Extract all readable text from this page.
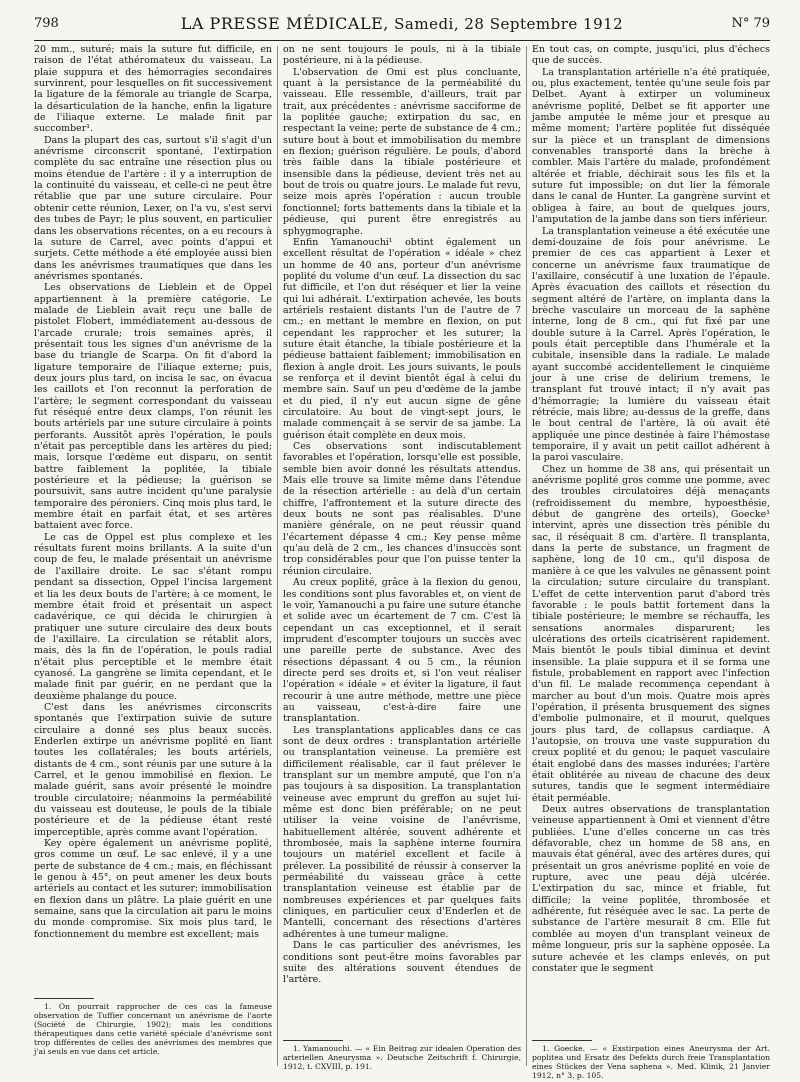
798	LA PRESSE MÉDICALE, Samedi, 28 Septembre 1912	N° 79

20 mm., suturé; mais la suture fut difficile, en raison de l'état athéromateux du vaisseau. La plaie suppura et des hémorragies secondaires survinrent, pour lesquelles on fit successivement la ligature de la fémorale au triangle de Scarpa, la désarticulation de la hanche, enfin la ligature de l'iliaque externe. Le malade finit par succomber¹.

Dans la plupart des cas, surtout s'il s'agit d'un anévrisme circonscrit spontané, l'extirpation complète du sac entraîne une résection plus ou moins étendue de l'artère : il y a interruption de la continuité du vaisseau, et celle-ci ne peut être rétablie que par une suture circulaire. Pour obtenir cette réunion, Lexer, on l'a vu, s'est servi des tubes de Payr; le plus souvent, en particulier dans les observations récentes, on a eu recours à la suture de Carrel, avec points d'appui et surjets. Cette méthode a été employée aussi bien dans les anévrismes traumatiques que dans les anévrismes spontanés.

Les observations de Lieblein et de Oppel appartiennent à la première catégorie. Le malade de Lieblein avait reçu une balle de pistolet Flobert, immédiatement au-dessous de l'arcade crurale; trois semaines après, il présentait tous les signes d'un anévrisme de la base du triangle de Scarpa. On fit d'abord la ligature temporaire de l'iliaque externe; puis, deux jours plus tard, on incisa le sac, on évacua les caillots et l'on reconnut la perforation de l'artère; le segment correspondant du vaisseau fut réséqué entre deux clamps, l'on réunit les bouts artériels par une suture circulaire à points perforants. Aussitôt après l'opération, le pouls n'était pas perceptible dans les artères du pied; mais, lorsque l'œdème eut disparu, on sentit battre faiblement la poplitée, la tibiale postérieure et la pédieuse; la guérison se poursuivit, sans autre incident qu'une paralysie temporaire des péroniers. Cinq mois plus tard, le membre était en parfait état, et ses artères battaient avec force.

Le cas de Oppel est plus complexe et les résultats furent moins brillants. A la suite d'un coup de feu, le malade présentait un anévrisme de l'axillaire droite. Le sac s'étant rompu pendant sa dissection, Oppel l'incisa largement et lia les deux bouts de l'artère; à ce moment, le membre était froid et présentait un aspect cadavérique, ce qui décida le chirurgien à pratiquer une suture circulaire des deux bouts de l'axillaire. La circulation se rétablit alors, mais, dès la fin de l'opération, le pouls radial n'était plus perceptible et le membre était cyanosé. La gangrène se limita cependant, et le malade finit par guérir, en ne perdant que la deuxième phalange du pouce.

C'est dans les anévrismes circonscrits spontanés que l'extirpation suivie de suture circulaire a donné ses plus beaux succès. Enderlen extirpe un anévrisme poplité en liant toutes les collatérales; les bouts artériels, distants de 4 cm., sont réunis par une suture à la Carrel, et le genou immobilisé en flexion. Le malade guérit, sans avoir présenté le moindre trouble circulatoire; néanmoins la perméabilité du vaisseau est douteuse, le pouls de la tibiale postérieure et de la pédieuse étant resté imperceptible, après comme avant l'opération.

Key opère également un anévrisme poplité, gros comme un œuf. Le sac enlevé, il y a une perte de substance de 4 cm.; mais, en fléchissant le genou à 45°, on peut amener les deux bouts artériels au contact et les suturer; immobilisation en flexion dans un plâtre. La plaie guérit en une semaine, sans que la circulation ait paru le moins du monde compromise. Six mois plus tard, le fonctionnement du membre est excellent; mais

1. On pourrait rapprocher de ces cas la fameuse observation de Tuffier concernant un anévrisme de l'aorte (Société de Chirurgie, 1902); mais les conditions thérapeutiques dans cette variété spéciale d'anévrisme sont trop différentes de celles des anévrismes des membres que j'ai seuls en vue dans cet article.

on ne sent toujours le pouls, ni à la tibiale postérieure, ni à la pédieuse.

L'observation de Omi est plus concluante, quant à la persistance de la perméabilité du vaisseau. Elle ressemble, d'ailleurs, trait par trait, aux précédentes : anévrisme sacciforme de la poplitée gauche; extirpation du sac, en respectant la veine; perte de substance de 4 cm.; suture bout à bout et immobilisation du membre en flexion; guérison régulière. Le pouls, d'abord très faible dans la tibiale postérieure et insensible dans la pédieuse, devient très net au bout de trois ou quatre jours. Le malade fut revu, seize mois après l'opération : aucun trouble fonctionnel; forts battements dans la tibiale et la pédieuse, qui purent être enregistrés au sphygmographe.

Enfin Yamanouchi¹ obtint également un excellent résultat de l'opération « idéale » chez un homme de 40 ans, porteur d'un anévrisme poplité du volume d'un œuf. La dissection du sac fut difficile, et l'on dut réséquer et lier la veine qui lui adhérait. L'extirpation achevée, les bouts artériels restaient distants l'un de l'autre de 7 cm.; en mettant le membre en flexion, on put cependant les rapprocher et les suturer; la suture était étanche, la tibiale postérieure et la pédieuse battaient faiblement; immobilisation en flexion à angle droit. Les jours suivants, le pouls se renforça et il devint bientôt égal à celui du membre sain. Sauf un peu d'œdème de la jambe et du pied, il n'y eut aucun signe de gêne circulatoire. Au bout de vingt-sept jours, le malade commençait à se servir de sa jambe. La guérison était complète en deux mois.

Ces observations sont indiscutablement favorables et l'opération, lorsqu'elle est possible, semble bien avoir donné les résultats attendus. Mais elle trouve sa limite même dans l'étendue de la résection artérielle : au delà d'un certain chiffre, l'affrontement et la suture directe des deux bouts ne sont pas réalisables. D'une manière générale, on ne peut réussir quand l'écartement dépasse 4 cm.; Key pense même qu'au delà de 2 cm., les chances d'insuccès sont trop considérables pour que l'on puisse tenter la réunion circulaire.

Au creux poplité, grâce à la flexion du genou, les conditions sont plus favorables et, on vient de le voir, Yamanouchi a pu faire une suture étanche et solide avec un écartement de 7 cm. C'est là cependant un cas exceptionnel, et il serait imprudent d'escompter toujours un succès avec une pareille perte de substance. Avec des résections dépassant 4 ou 5 cm., la réunion directe perd ses droits et, si l'on veut réaliser l'opération « idéale » et éviter la ligature, il faut recourir à une autre méthode, mettre une pièce au vaisseau, c'est-à-dire faire une transplantation.

Les transplantations applicables dans ce cas sont de deux ordres : transplantation artérielle ou transplantation veineuse. La première est difficilement réalisable, car il faut prélever le transplant sur un membre amputé, que l'on n'a pas toujours à sa disposition. La transplantation veineuse avec emprunt du greffon au sujet lui-même est donc bien préférable; on ne peut utiliser la veine voisine de l'anévrisme, habituellement altérée, souvent adhérente et thrombosée, mais la saphène interne fournira toujours un matériel excellent et facile à prélever. La possibilité de réussir à conserver la perméabilité du vaisseau grâce à cette transplantation veineuse est établie par de nombreuses expériences et par quelques faits cliniques, en particulier ceux d'Enderlen et de Mantelli, concernant des résections d'artères adhérentes à une tumeur maligne.

Dans le cas particulier des anévrismes, les conditions sont peut-être moins favorables par suite des altérations souvent étendues de l'artère.

1. Yamanouchi. — « Ein Beitrag zur idealen Operation des arteriellen Aneurysma ». Deutsche Zeitschrift f. Chirurgie, 1912, t. CXVIII, p. 191.

En tout cas, on compte, jusqu'ici, plus d'échecs que de succès.

La transplantation artérielle n'a été pratiquée, ou, plus exactement, tentée qu'une seule fois par Delbet. Ayant à extirper un volumineux anévrisme poplité, Delbet se fit apporter une jambe amputée le même jour et presque au même moment; l'artère poplitée fut disséquée sur la pièce et un transplant de dimensions convenables transporté dans la brèche à combler. Mais l'artère du malade, profondément altérée et friable, déchirait sous les fils et la suture fut impossible; on dut lier la fémorale dans le canal de Hunter. La gangrène survint et obligea à faire, au bout de quelques jours, l'amputation de la jambe dans son tiers inférieur.

La transplantation veineuse a été exécutée une demi-douzaine de fois pour anévrisme. Le premier de ces cas appartient à Lexer et concerne un anévrisme faux traumatique de l'axillaire, consécutif à une luxation de l'épaule. Après évacuation des caillots et résection du segment altéré de l'artère, on implanta dans la brèche vasculaire un morceau de la saphène interne, long de 8 cm., qui fut fixé par une double suture à la Carrel. Après l'opération, le pouls était perceptible dans l'humérale et la cubitale, insensible dans la radiale. Le malade ayant succombé accidentellement le cinquième jour à une crise de delirium tremens, le transplant fut trouvé intact; il n'y avait pas d'hémorragie; la lumière du vaisseau était rétrécie, mais libre; au-dessus de la greffe, dans le bout central de l'artère, là où avait été appliquée une pince destinée à faire l'hémostase temporaire, il y avait un petit caillot adhérent à la paroi vasculaire.

Chez un homme de 38 ans, qui présentait un anévrisme poplité gros comme une pomme, avec des troubles circulatoires déjà menaçants (refroidissement du membre, hypoesthésie, début de gangrène des orteils), Goecke¹ intervint, après une dissection très pénible du sac, il réséquait 8 cm. d'artère. Il transplanta, dans la perte de substance, un fragment de saphène, long de 10 cm., qu'il disposa de manière à ce que les valvules ne gênassent point la circulation; suture circulaire du transplant. L'effet de cette intervention parut d'abord très favorable : le pouls battit fortement dans la tibiale postérieure; le membre se réchauffa, les sensations anormales disparurent; les ulcérations des orteils cicatrisèrent rapidement. Mais bientôt le pouls tibial diminua et devint insensible. La plaie suppura et il se forma une fistule, probablement en rapport avec l'infection d'un fil. Le malade recommença cependant à marcher au bout d'un mois. Quatre mois après l'opération, il présenta brusquement des signes d'embolie pulmonaire, et il mourut, quelques jours plus tard, de collapsus cardiaque. A l'autopsie, on trouva une vaste suppuration du creux poplité et du genou; le paquet vasculaire était englobé dans des masses indurées; l'artère était oblitérée au niveau de chacune des deux sutures, tandis que le segment intermédiaire était perméable.

Deux autres observations de transplantation veineuse appartiennent à Omi et viennent d'être publiées. L'une d'elles concerne un cas très défavorable, chez un homme de 58 ans, en mauvais état général, avec des artères dures, qui présentait un gros anévrisme poplité en voie de rupture, avec une peau déjà ulcérée. L'extirpation du sac, mince et friable, fut difficile; la veine poplitée, thrombosée et adhérente, fut réséquée avec le sac. La perte de substance de l'artère mesurait 8 cm. Elle fut comblée au moyen d'un transplant veineux de même longueur, pris sur la saphène opposée. La suture achevée et les clamps enlevés, on put constater que le segment

1. Goecke. — « Exstirpation eines Aneurysma der Art. poplitea und Ersatz des Defekts durch freie Transplantation eines Stückes der Vena saphena ». Med. Klinik, 21 Janvier 1912, n° 3, p. 105.
